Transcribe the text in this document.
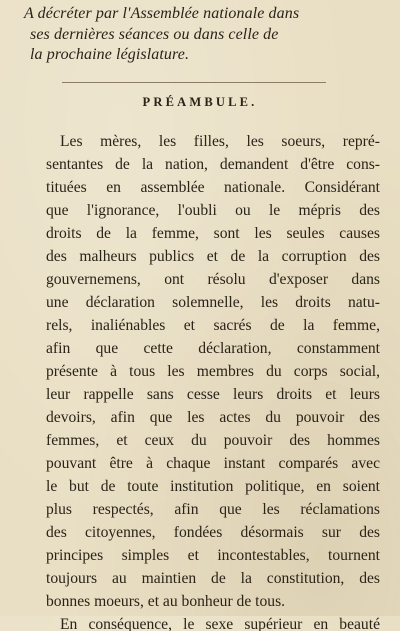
A décréter par l'Assemblée nationale dans
ses dernières séances ou dans celle de
la prochaine législature.
PRÉAMBULE.
Les mères, les filles, les soeurs, repré-
sentantes de la nation, demandent d'être cons-
tituées en assemblée nationale. Considérant
que l'ignorance, l'oubli ou le mépris des
droits de la femme, sont les seules causes
des malheurs publics et de la corruption des
gouvernemens, ont résolu d'exposer dans
une déclaration solemnelle, les droits natu-
rels, inaliénables et sacrés de la femme,
afin que cette déclaration, constamment
présente à tous les membres du corps social,
leur rappelle sans cesse leurs droits et leurs
devoirs, afin que les actes du pouvoir des
femmes, et ceux du pouvoir des hommes
pouvant être à chaque instant comparés avec
le but de toute institution politique, en soient
plus respectés, afin que les réclamations
des citoyennes, fondées désormais sur des
principes simples et incontestables, tournent
toujours au maintien de la constitution, des
bonnes moeurs, et au bonheur de tous.
En conséquence, le sexe supérieur en beauté
